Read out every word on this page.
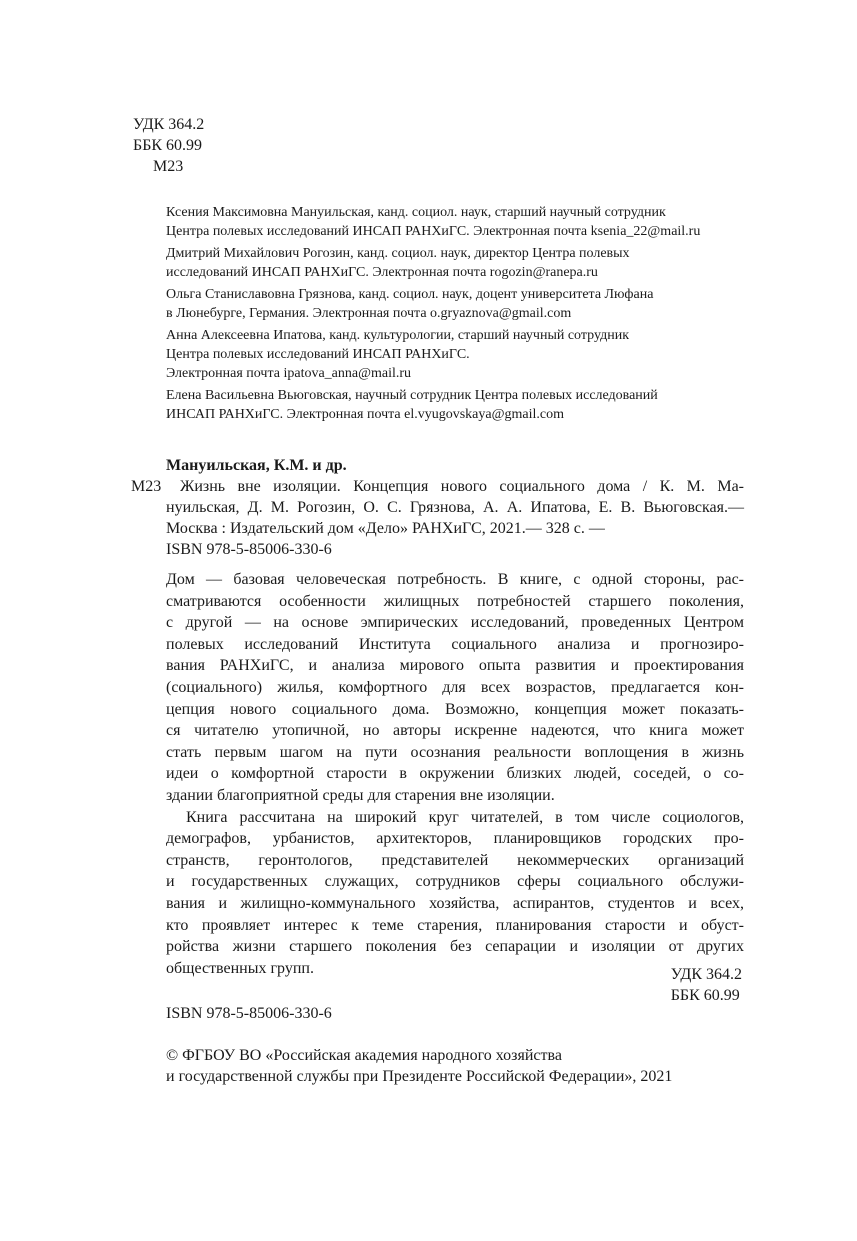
УДК 364.2
ББК 60.99
М23

Ксения Максимовна Мануильская, канд. социол. наук, старший научный сотрудник
Центра полевых исследований ИНСАП РАНХиГС. Электронная почта ksenia_22@mail.ru

Дмитрий Михайлович Рогозин, канд. социол. наук, директор Центра полевых
исследований ИНСАП РАНХиГС. Электронная почта rogozin@ranepa.ru

Ольга Станиславовна Грязнова, канд. социол. наук, доцент университета Люфана
в Люнебурге, Германия. Электронная почта o.gryaznova@gmail.com

Анна Алексеевна Ипатова, канд. культурологии, старший научный сотрудник
Центра полевых исследований ИНСАП РАНХиГС.
Электронная почта ipatova_anna@mail.ru

Елена Васильевна Вьюговская, научный сотрудник Центра полевых исследований
ИНСАП РАНХиГС. Электронная почта el.vyugovskaya@gmail.com

Мануильская, К.М. и др.
М23	Жизнь вне изоляции. Концепция нового социального дома / К. М. Ма-
нуильская, Д. М. Рогозин, О. С. Грязнова, А. А. Ипатова, Е. В. Вьюговская.—
Москва : Издательский дом «Дело» РАНХиГС, 2021.— 328 с. —
ISBN 978-5-85006-330-6
Дом — базовая человеческая потребность. В книге, с одной стороны, рас-
сматриваются особенности жилищных потребностей старшего поколения,
с другой — на основе эмпирических исследований, проведенных Центром
полевых исследований Института социального анализа и прогнозиро-
вания РАНХиГС, и анализа мирового опыта развития и проектирования
(социального) жилья, комфортного для всех возрастов, предлагается кон-
цепция нового социального дома. Возможно, концепция может показать-
ся читателю утопичной, но авторы искренне надеются, что книга может
стать первым шагом на пути осознания реальности воплощения в жизнь
идеи о комфортной старости в окружении близких людей, соседей, о со-
здании благоприятной среды для старения вне изоляции.
Книга рассчитана на широкий круг читателей, в том числе социологов,
демографов, урбанистов, архитекторов, планировщиков городских про-
странств, геронтологов, представителей некоммерческих организаций
и государственных служащих, сотрудников сферы социального обслужи-
вания и жилищно-коммунального хозяйства, аспирантов, студентов и всех,
кто проявляет интерес к теме старения, планирования старости и обуст-
ройства жизни старшего поколения без сепарации и изоляции от других
общественных групп.	УДК 364.2
ББК 60.99
ISBN 978-5-85006-330-6
© ФГБОУ ВО «Российская академия народного хозяйства
и государственной службы при Президенте Российской Федерации», 2021
